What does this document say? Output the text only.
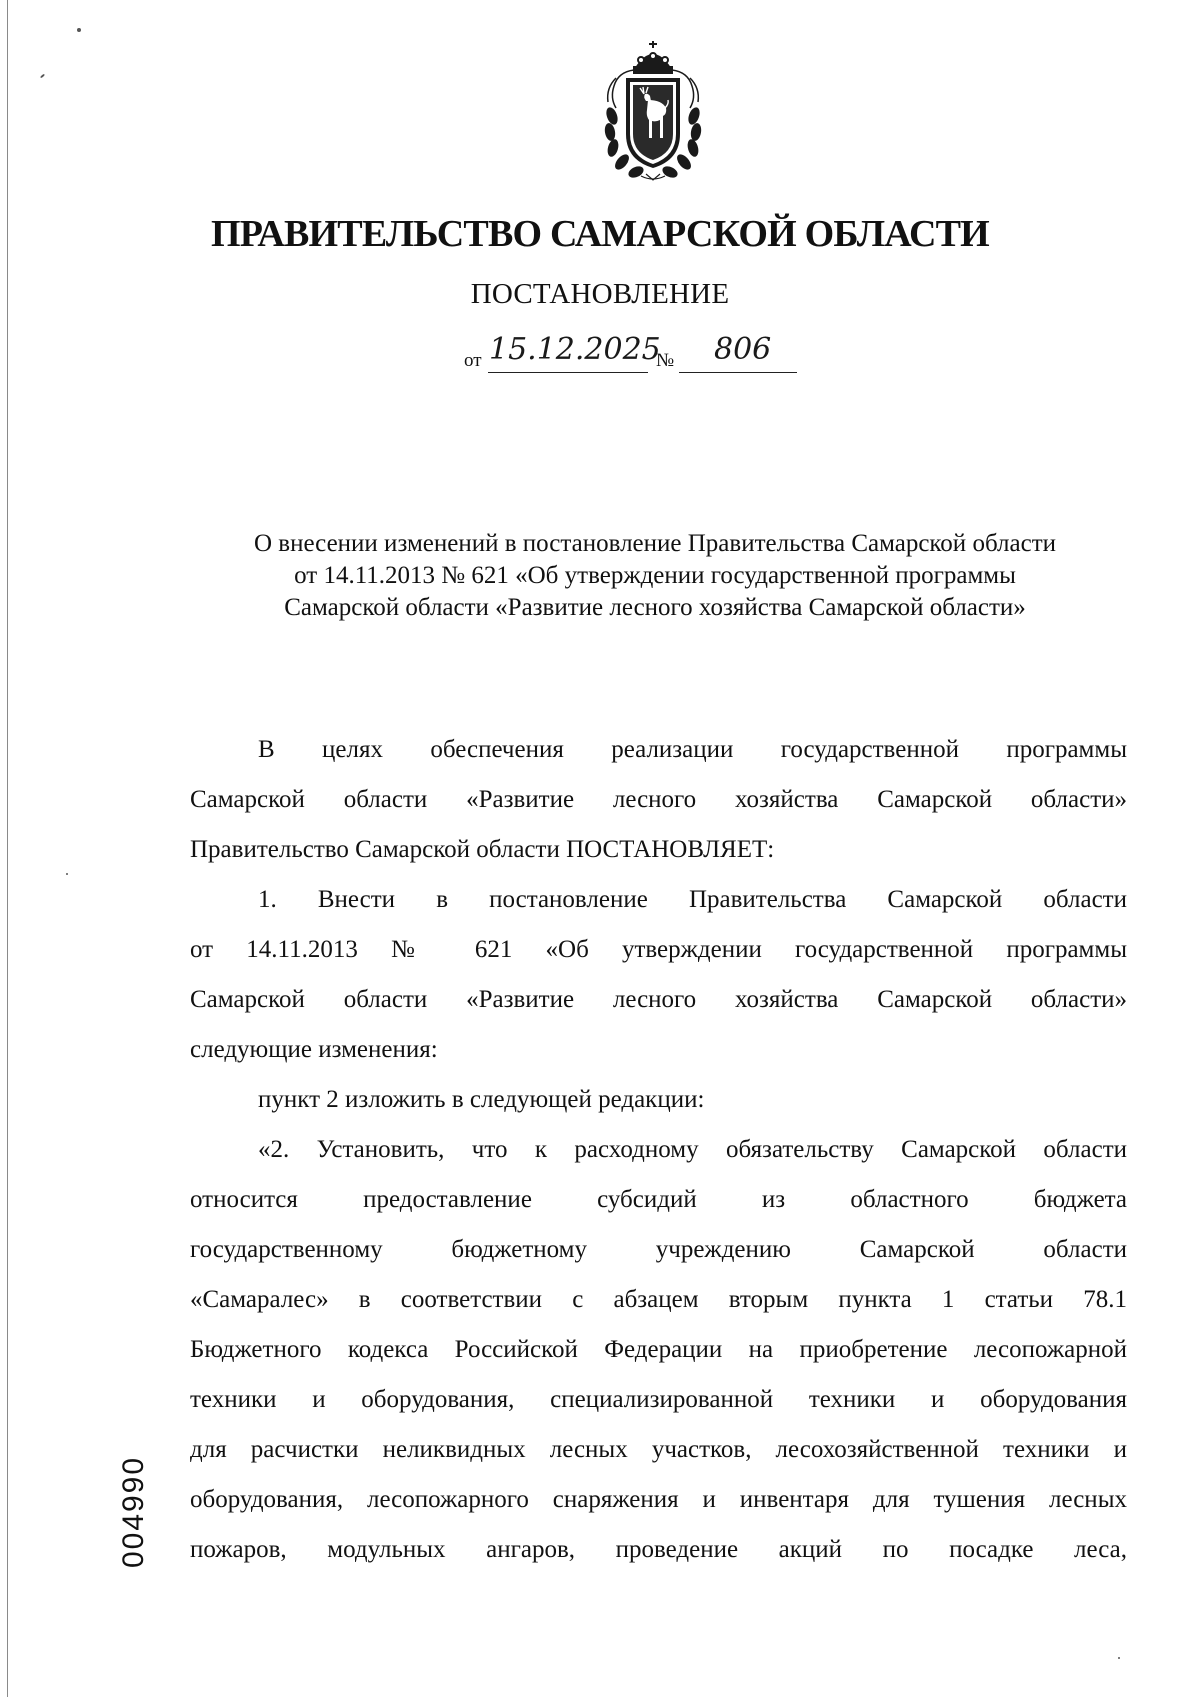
ПРАВИТЕЛЬСТВО САМАРСКОЙ ОБЛАСТИ
ПОСТАНОВЛЕНИЕ
от 15.12.2025
№ 806
О внесении изменений в постановление Правительства Самарской области
от 14.11.2013 № 621 «Об утверждении государственной программы
Самарской области «Развитие лесного хозяйства Самарской области»
В целях обеспечения реализации государственной программы
Самарской области «Развитие лесного хозяйства Самарской области»
Правительство Самарской области ПОСТАНОВЛЯЕТ:
1. Внести в постановление Правительства Самарской области
от 14.11.2013 № 621 «Об утверждении государственной программы
Самарской области «Развитие лесного хозяйства Самарской области»
следующие изменения:
пункт 2 изложить в следующей редакции:
«2. Установить, что к расходному обязательству Самарской области
относится предоставление субсидий из областного бюджета
государственному бюджетному учреждению Самарской области
«Самаралес» в соответствии с абзацем вторым пункта 1 статьи 78.1
Бюджетного кодекса Российской Федерации на приобретение лесопожарной
техники и оборудования, специализированной техники и оборудования
для расчистки неликвидных лесных участков, лесохозяйственной техники и
оборудования, лесопожарного снаряжения и инвентаря для тушения лесных
пожаров, модульных ангаров, проведение акций по посадке леса,
004990
